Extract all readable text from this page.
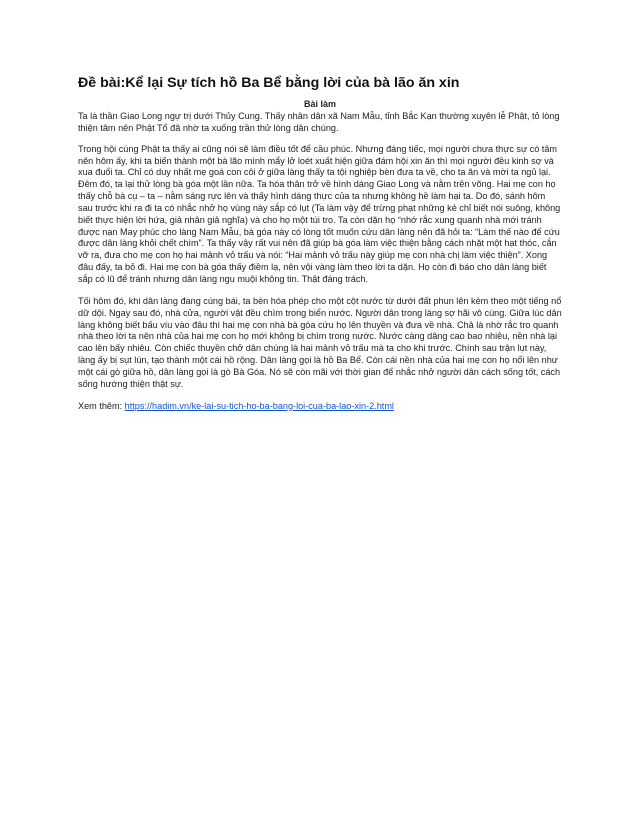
Đề bài:Kể lại Sự tích hồ Ba Bể bằng lời của bà lão ăn xin
Bài làm

Ta là thần Giao Long ngự trị dưới Thủy Cung. Thấy nhân dân xã Nam Mẫu, tỉnh Bắc Kạn thường xuyên lễ Phật, tỏ lòng thiện tâm nên Phật Tổ đã nhờ ta xuống trần thử lòng dân chúng.

Trong hội cúng Phật ta thấy ai cũng nói sẽ làm điều tốt để cầu phúc. Nhưng đáng tiếc, mọi người chưa thực sự có tâm nên hôm ấy, khi ta biến thành một bà lão mình mẩy lở loét xuất hiện giữa đám hội xin ăn thì mọi người đều kinh sợ và xua đuổi ta. Chỉ có duy nhất mẹ goá con côi ở giữa làng thấy ta tội nghiệp bèn đưa ta về, cho ta ăn và mời ta ngủ lại. Đêm đó, ta lại thử lòng bà góa một lần nữa. Ta hóa thân trở về hình dáng Giao Long và nằm trên võng. Hai mẹ con họ thấy chỗ bà cụ – ta – nằm sáng rực lên và thấy hình dáng thực của ta nhưng không hề làm hại ta. Do đó, sánh hôm sau trước khi ra đi ta có nhắc nhở họ vùng này sắp có lụt (Ta làm vậy để trừng phạt những kẻ chỉ biết nói suông, không biết thực hiện lời hứa, giả nhân giả nghĩa) và cho họ một túi tro. Ta còn dặn họ “nhớ rắc xung quanh nhà mới tránh được nạn May phúc cho làng Nam Mẫu, bà góa này có lòng tốt muốn cứu dân làng nên đã hỏi ta: “Làm thế nào để cứu được dân làng khỏi chết chìm”. Ta thấy vậy rất vui nên đã giúp bà góa làm việc thiện bằng cách nhặt một hạt thóc, cắn vỡ ra, đưa cho mẹ con họ hai mảnh vỏ trấu và nói: “Hai mảnh vỏ trấu này giúp mẹ con nhà chị làm việc thiện”. Xong đâu đấy, ta bỏ đi. Hai mẹ con bà góa thấy điềm lạ, nên vội vàng làm theo lời ta dặn. Họ còn đi báo cho dân làng biết sắp có lũ để tránh nhưng dân làng ngu muội không tin. Thật đáng trách.

Tối hôm đó, khi dân làng đang cúng bái, ta bèn hóa phép cho một cột nước từ dưới đất phun lên kèm theo một tiếng nổ dữ dội. Ngay sau đó, nhà cửa, người vật đều chìm trong biển nước. Người dân trong làng sợ hãi vô cùng. Giữa lúc dân làng không biết bấu víu vào đâu thì hai mẹ con nhà bà góa cứu họ lên thuyền và đưa về nhà. Chả là nhờ rắc tro quanh nhà theo lời ta nên nhà của hai mẹ con họ mới không bị chìm trong nước. Nước càng dâng cao bao nhiêu, nền nhà lại cao lên bấy nhiêu. Còn chiếc thuyền chở dân chúng là hai mảnh vỏ trấu mà ta cho khi trước. Chính sau trận lụt này, làng ấy bị sụt lún, tạo thành một cái hồ rộng. Dân làng gọi là hồ Ba Bể. Còn cái nền nhà của hai mẹ con họ nổi lên như một cái gò giữa hồ, dân làng gọi là gò Bà Góa. Nó sẽ còn mãi với thời gian để nhắc nhở người dân cách sống tốt, cách sống hướng thiện thật sự.

Xem thêm: https://hadim.vn/ke-lai-su-tich-ho-ba-bang-loi-cua-ba-lao-xin-2.html
